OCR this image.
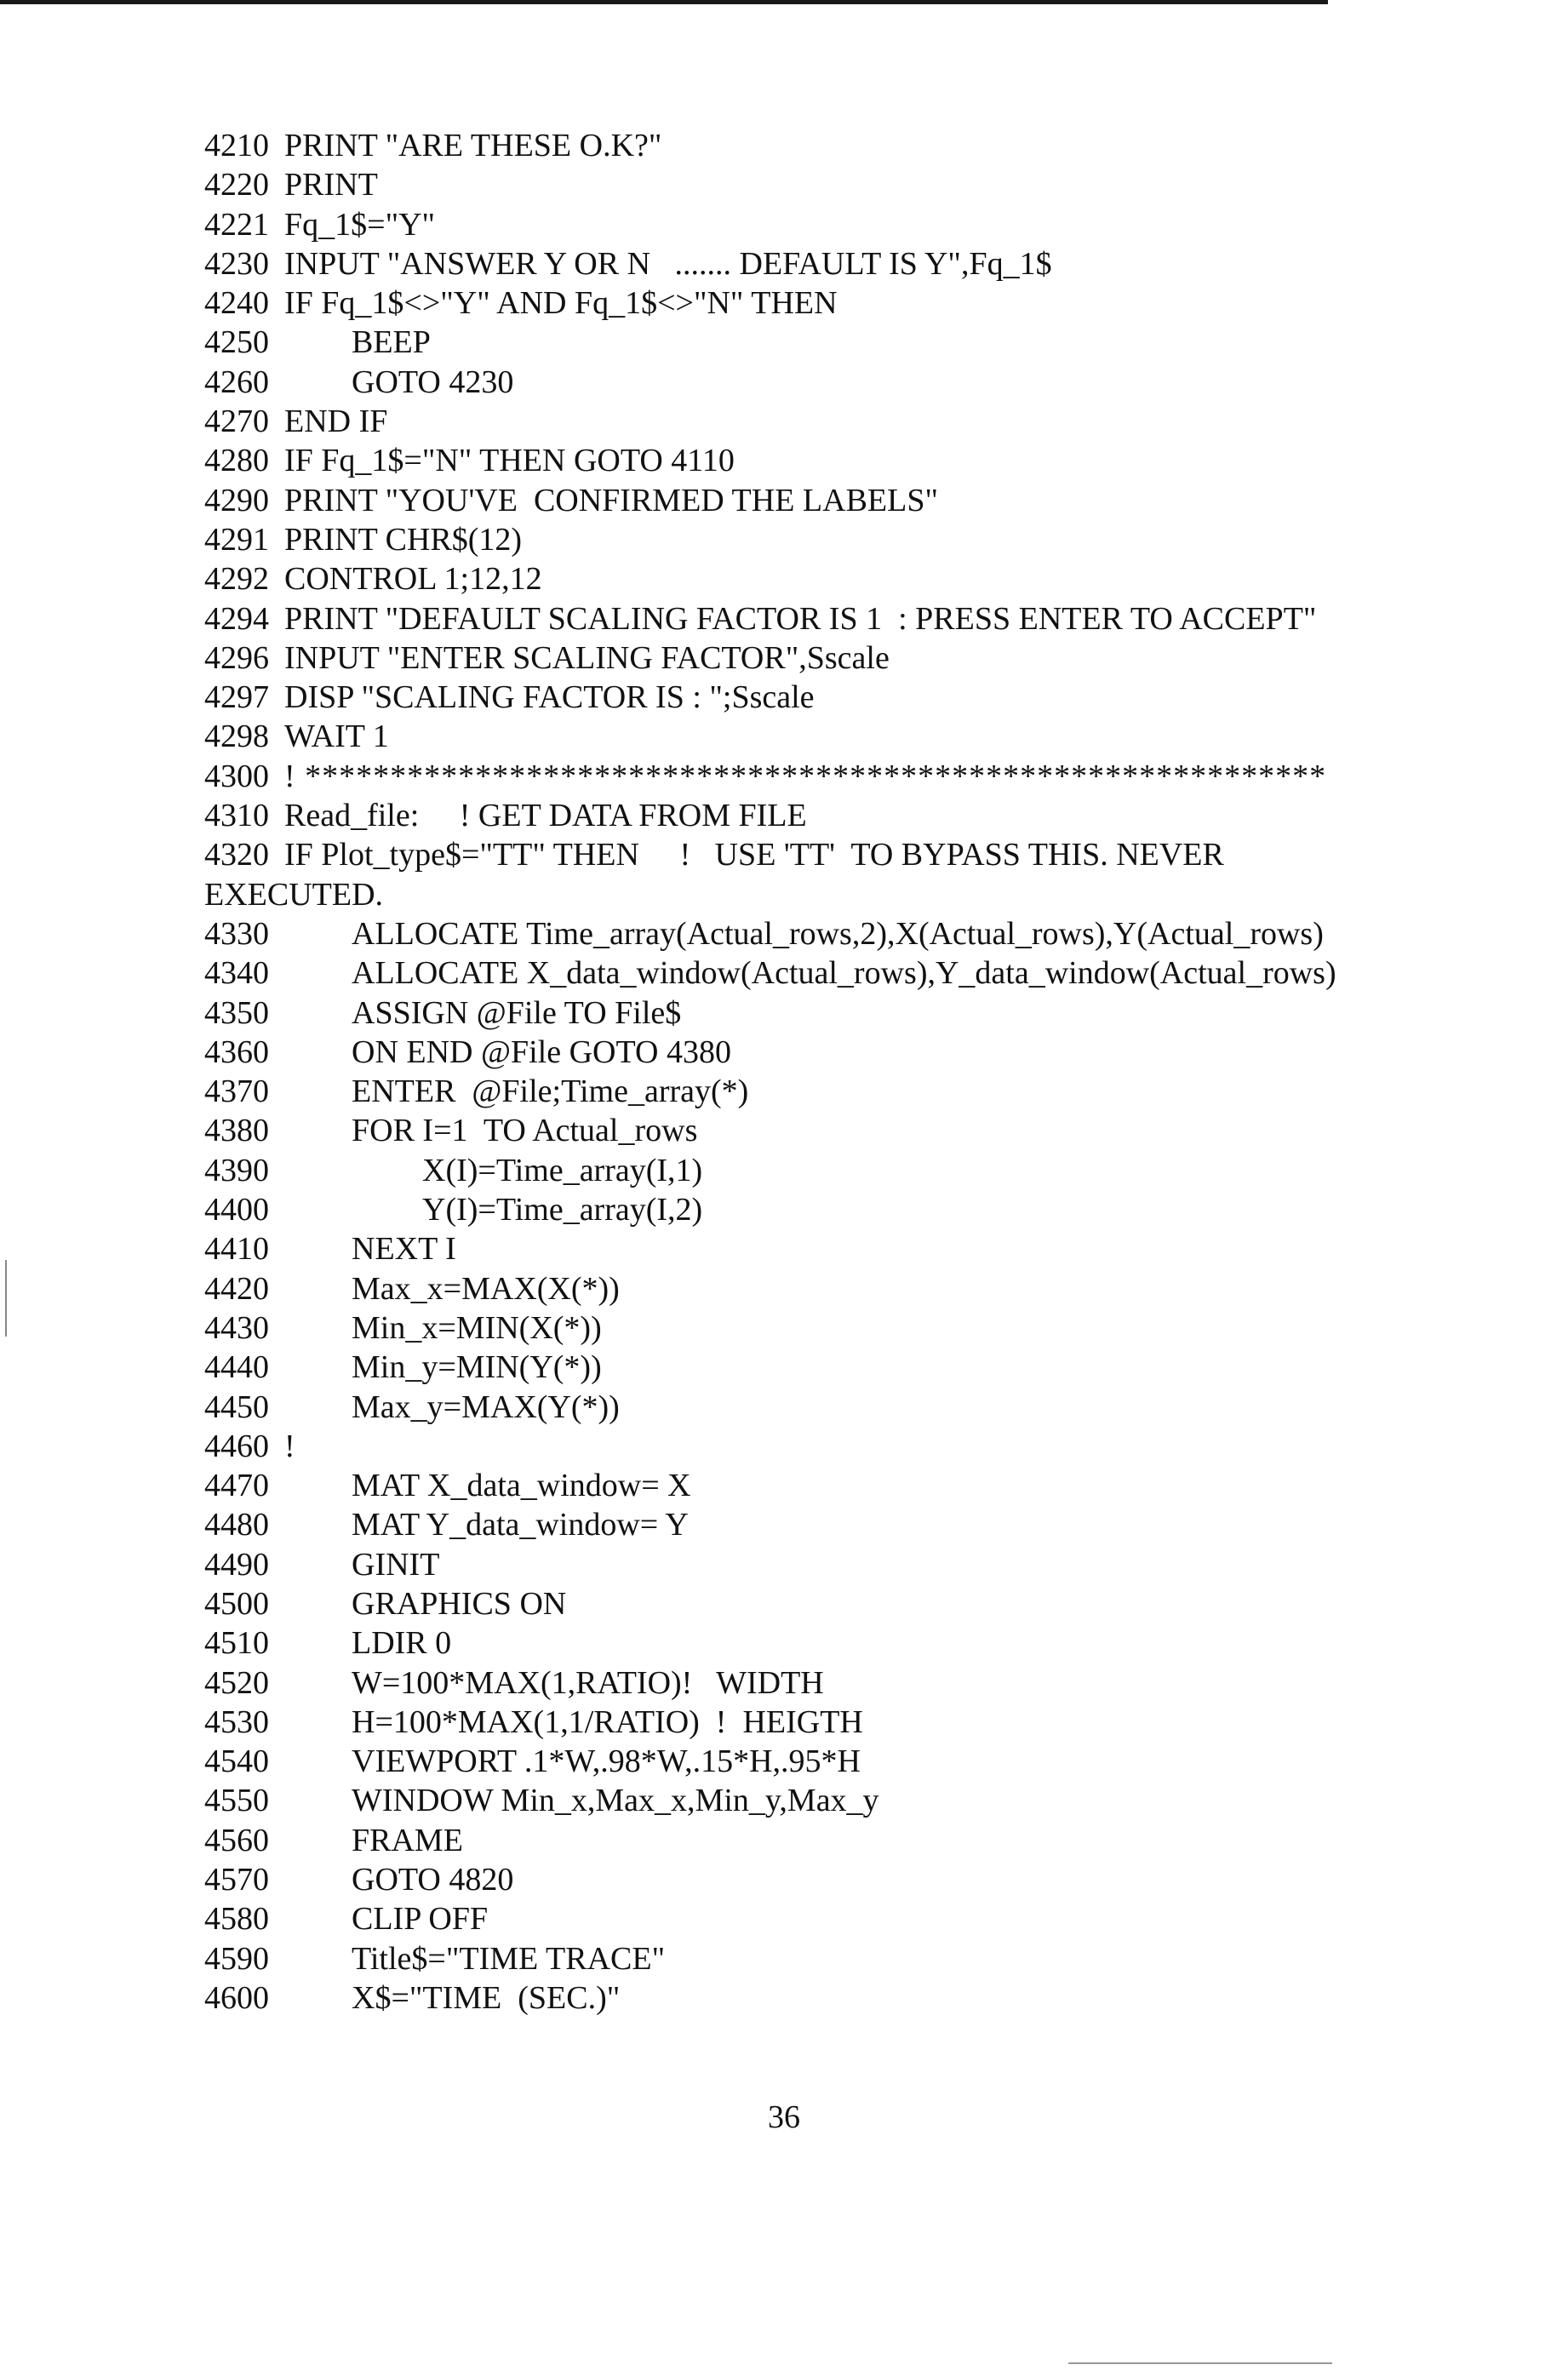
4210 PRINT "ARE THESE O.K?"
4220 PRINT
4221 Fq_1$="Y"
4230 INPUT "ANSWER Y OR N   ....... DEFAULT IS Y",Fq_1$
4240 IF Fq_1$<>"Y" AND Fq_1$<>"N" THEN
4250	BEEP
4260	GOTO 4230
4270 END IF
4280 IF Fq_1$="N" THEN GOTO 4110
4290 PRINT "YOU'VE  CONFIRMED THE LABELS"
4291 PRINT CHR$(12)
4292 CONTROL 1;12,12
4294 PRINT "DEFAULT SCALING FACTOR IS 1  : PRESS ENTER TO ACCEPT"
4296 INPUT "ENTER SCALING FACTOR",Sscale
4297 DISP "SCALING FACTOR IS : ";Sscale
4298 WAIT 1
4300 ! ************************************************************
4310 Read_file:     ! GET DATA FROM FILE
4320 IF Plot_type$="TT" THEN     !   USE 'TT'  TO BYPASS THIS. NEVER
EXECUTED.
4330	ALLOCATE Time_array(Actual_rows,2),X(Actual_rows),Y(Actual_rows)
4340	ALLOCATE X_data_window(Actual_rows),Y_data_window(Actual_rows)
4350	ASSIGN @File TO File$
4360	ON END @File GOTO 4380
4370	ENTER  @File;Time_array(*)
4380	FOR I=1  TO Actual_rows
4390	X(I)=Time_array(I,1)
4400	Y(I)=Time_array(I,2)
4410	NEXT I
4420	Max_x=MAX(X(*))
4430	Min_x=MIN(X(*))
4440	Min_y=MIN(Y(*))
4450	Max_y=MAX(Y(*))
4460 !
4470	MAT X_data_window= X
4480	MAT Y_data_window= Y
4490	GINIT
4500	GRAPHICS ON
4510	LDIR 0
4520	W=100*MAX(1,RATIO)!   WIDTH
4530	H=100*MAX(1,1/RATIO)  !  HEIGTH
4540	VIEWPORT .1*W,.98*W,.15*H,.95*H
4550	WINDOW Min_x,Max_x,Min_y,Max_y
4560	FRAME
4570	GOTO 4820
4580	CLIP OFF
4590	Title$="TIME TRACE"
4600	X$="TIME  (SEC.)"
36
